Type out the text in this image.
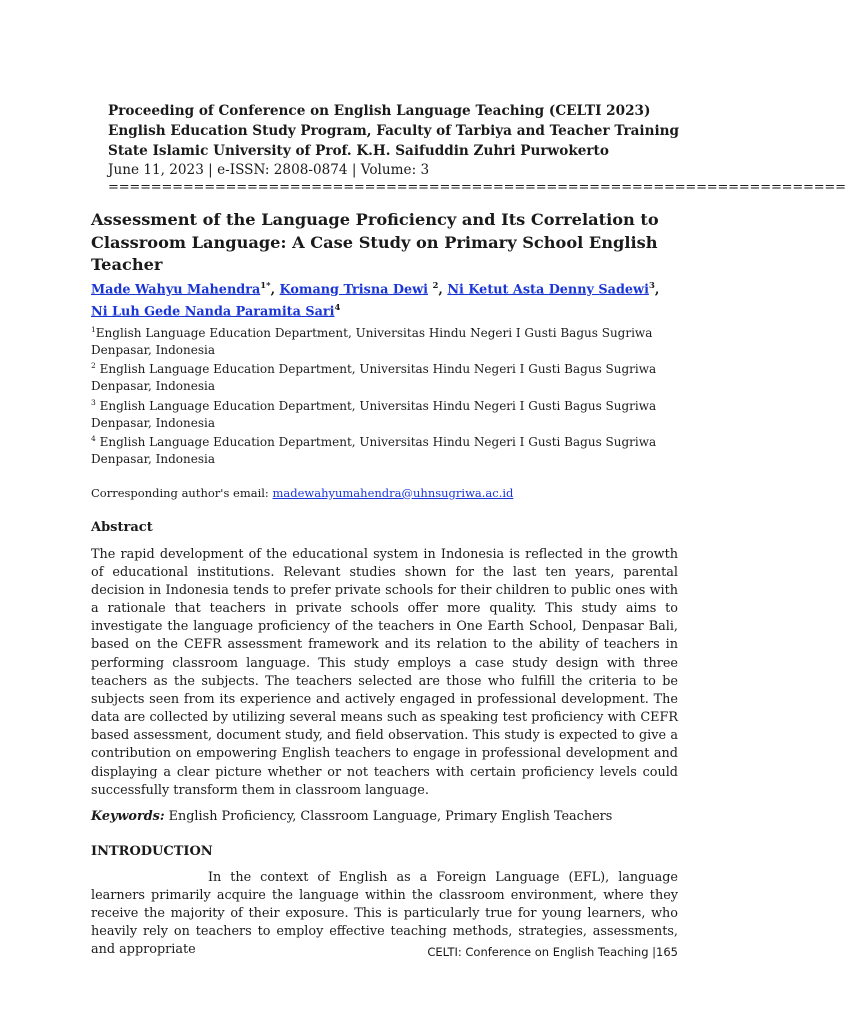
Proceeding of Conference on English Language Teaching (CELTI 2023)
English Education Study Program, Faculty of Tarbiya and Teacher Training
State Islamic University of Prof. K.H. Saifuddin Zuhri Purwokerto
June 11, 2023 | e-ISSN: 2808-0874 | Volume: 3
=====================================================================
Assessment of the Language Proficiency and Its Correlation to Classroom Language: A Case Study on Primary School English Teacher
Made Wahyu Mahendra$^{1*}$, Komang Trisna Dewi $^2$, Ni Ketut Asta Denny Sadewi$^3$, Ni Luh Gede Nanda Paramita Sari$^4$
$^1$English Language Education Department, Universitas Hindu Negeri I Gusti Bagus Sugriwa Denpasar, Indonesia
$^2$ English Language Education Department, Universitas Hindu Negeri I Gusti Bagus Sugriwa Denpasar, Indonesia
$^3$ English Language Education Department, Universitas Hindu Negeri I Gusti Bagus Sugriwa Denpasar, Indonesia
$^4$ English Language Education Department, Universitas Hindu Negeri I Gusti Bagus Sugriwa Denpasar, Indonesia
Corresponding author's email: madewahyumahendra@uhnsugriwa.ac.id
Abstract
The rapid development of the educational system in Indonesia is reflected in the growth of educational institutions. Relevant studies shown for the last ten years, parental decision in Indonesia tends to prefer private schools for their children to public ones with a rationale that teachers in private schools offer more quality. This study aims to investigate the language proficiency of the teachers in One Earth School, Denpasar Bali, based on the CEFR assessment framework and its relation to the ability of teachers in performing classroom language. This study employs a case study design with three teachers as the subjects. The teachers selected are those who fulfill the criteria to be subjects seen from its experience and actively engaged in professional development. The data are collected by utilizing several means such as speaking test proficiency with CEFR based assessment, document study, and field observation. This study is expected to give a contribution on empowering English teachers to engage in professional development and displaying a clear picture whether or not teachers with certain proficiency levels could successfully transform them in classroom language.
Keywords: English Proficiency, Classroom Language, Primary English Teachers
INTRODUCTION
In the context of English as a Foreign Language (EFL), language learners primarily acquire the language within the classroom environment, where they receive the majority of their exposure. This is particularly true for young learners, who heavily rely on teachers to employ effective teaching methods, strategies, assessments, and appropriate	CELTI: Conference on English Teaching |165
